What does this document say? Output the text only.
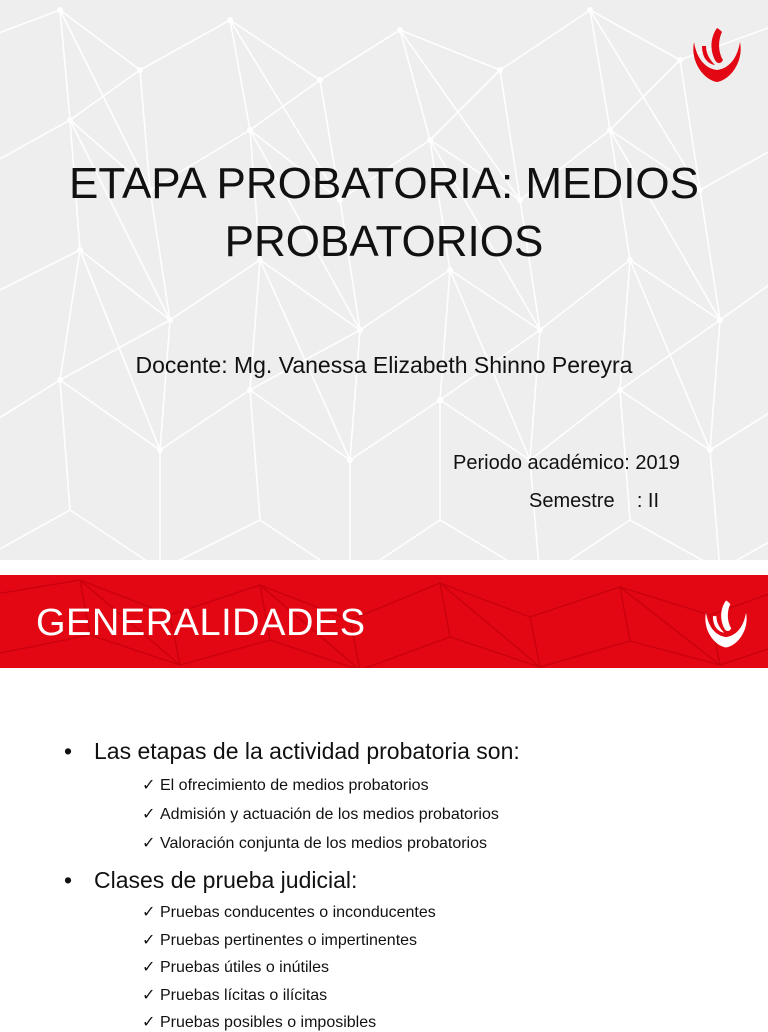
ETAPA PROBATORIA: MEDIOS
PROBATORIOS
Docente: Mg. Vanessa Elizabeth Shinno Pereyra
Periodo académico: 2019
Semestre    : II
GENERALIDADES
• Las etapas de la actividad probatoria son:
✓ El ofrecimiento de medios probatorios
✓ Admisión y actuación de los medios probatorios
✓ Valoración conjunta de los medios probatorios
• Clases de prueba judicial:
✓ Pruebas conducentes o inconducentes
✓ Pruebas pertinentes o impertinentes
✓ Pruebas útiles o inútiles
✓ Pruebas lícitas o ilícitas
✓ Pruebas posibles o imposibles
